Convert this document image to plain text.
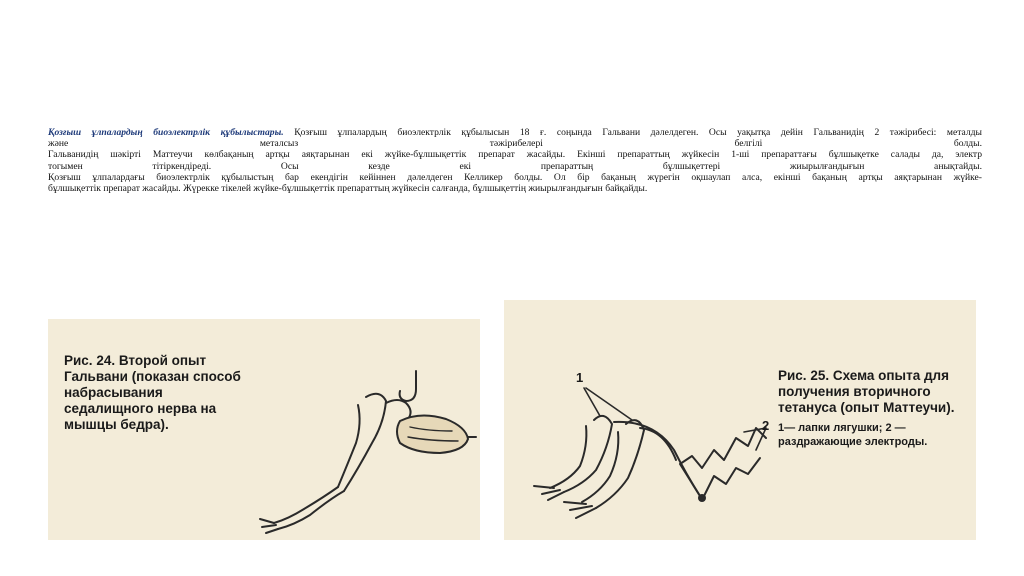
Қозғыш ұлпалардың биоэлектрлік құбылыстары. Қозғыш ұлпалардың биоэлектрлік құбылысын 18 ғ. соңында Гальвани дәлелдеген. Осы уақытқа дейін Гальванидің 2 тәжірибесі: металды

және металсыз тәжірибелері белгілі болды.

Гальванидің шәкірті Маттеучи көлбақаның артқы аяқтарынан екі жүйке-бұлшықеттік препарат жасайды. Екінші препараттың жүйкесін 1-ші препараттағы бұлшықетке салады да, электр

тогымен тітіркендіреді. Осы кезде екі препараттың бұлшықеттері жиырылғандығын анықтайды.

Қозғыш ұлпалардағы биоэлектрлік құбылыстың бар екендігін кейіннен дәлелдеген Келликер болды. Ол бір бақаның жүрегін оқшаулап алса, екінші бақаның артқы аяқтарынан жүйке-

бұлшықеттік препарат жасайды. Жүрекке тікелей жүйке-бұлшықеттік препараттың жүйкесін салғанда, бұлшықеттің жиырылғандығын байқайды.

Рис. 24. Второй опыт Гальвани (показан способ набрасывания седалищного нерва на мышцы бедра).
1
2
Рис. 25. Схема опыта для получения вторичного тетануса (опыт Маттеучи).
1— лапки лягушки; 2 — раздражающие электроды.
